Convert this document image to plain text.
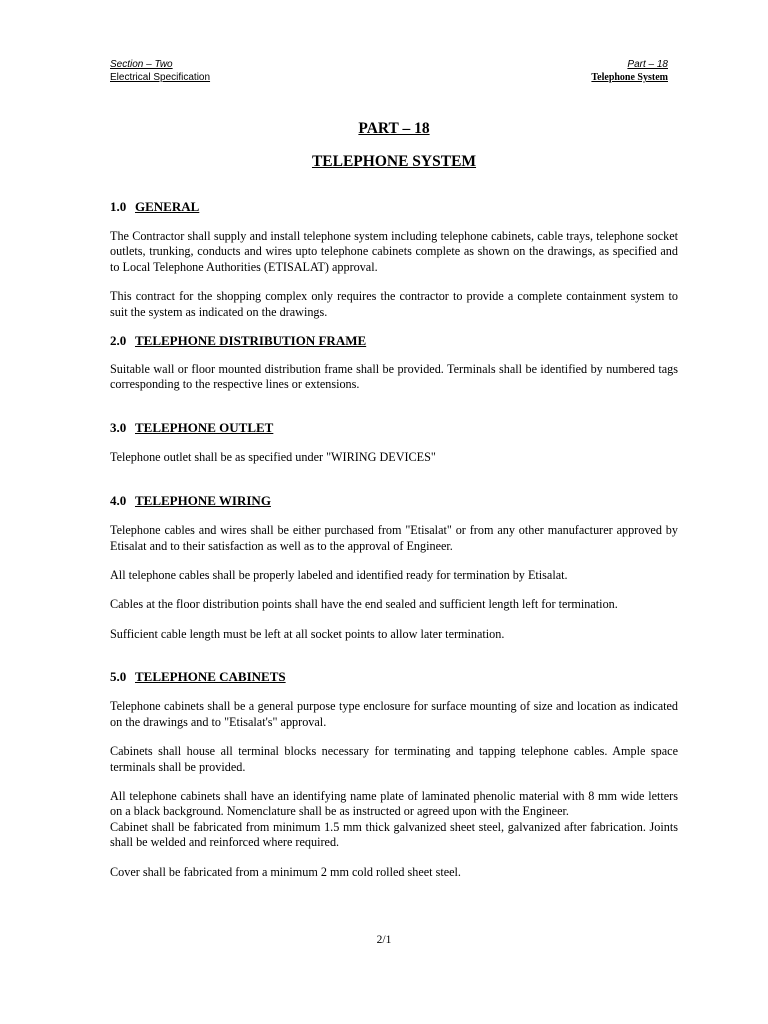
Section – Two	Part – 18
Electrical Specification	Telephone System
PART – 18
TELEPHONE SYSTEM
1.0 GENERAL

The Contractor shall supply and install telephone system including telephone cabinets, cable trays, telephone socket outlets, trunking, conducts and wires upto telephone cabinets complete as shown on the drawings, as specified and to Local Telephone Authorities (ETISALAT) approval.

This contract for the shopping complex only requires the contractor to provide a complete containment system to suit the system as indicated on the drawings.

2.0 TELEPHONE DISTRIBUTION FRAME

Suitable wall or floor mounted distribution frame shall be provided. Terminals shall be identified by numbered tags corresponding to the respective lines or extensions.

3.0 TELEPHONE OUTLET

Telephone outlet shall be as specified under "WIRING DEVICES"

4.0 TELEPHONE WIRING

Telephone cables and wires shall be either purchased from "Etisalat" or from any other manufacturer approved by Etisalat and to their satisfaction as well as to the approval of Engineer.

All telephone cables shall be properly labeled and identified ready for termination by Etisalat.

Cables at the floor distribution points shall have the end sealed and sufficient length left for termination.

Sufficient cable length must be left at all socket points to allow later termination.

5.0 TELEPHONE CABINETS

Telephone cabinets shall be a general purpose type enclosure for surface mounting of size and location as indicated on the drawings and to "Etisalat's" approval.

Cabinets shall house all terminal blocks necessary for terminating and tapping telephone cables. Ample space terminals shall be provided.

All telephone cabinets shall have an identifying name plate of laminated phenolic material with 8 mm wide letters on a black background. Nomenclature shall be as instructed or agreed upon with the Engineer.

Cabinet shall be fabricated from minimum 1.5 mm thick galvanized sheet steel, galvanized after fabrication. Joints shall be welded and reinforced where required.

Cover shall be fabricated from a minimum 2 mm cold rolled sheet steel.

2/1
